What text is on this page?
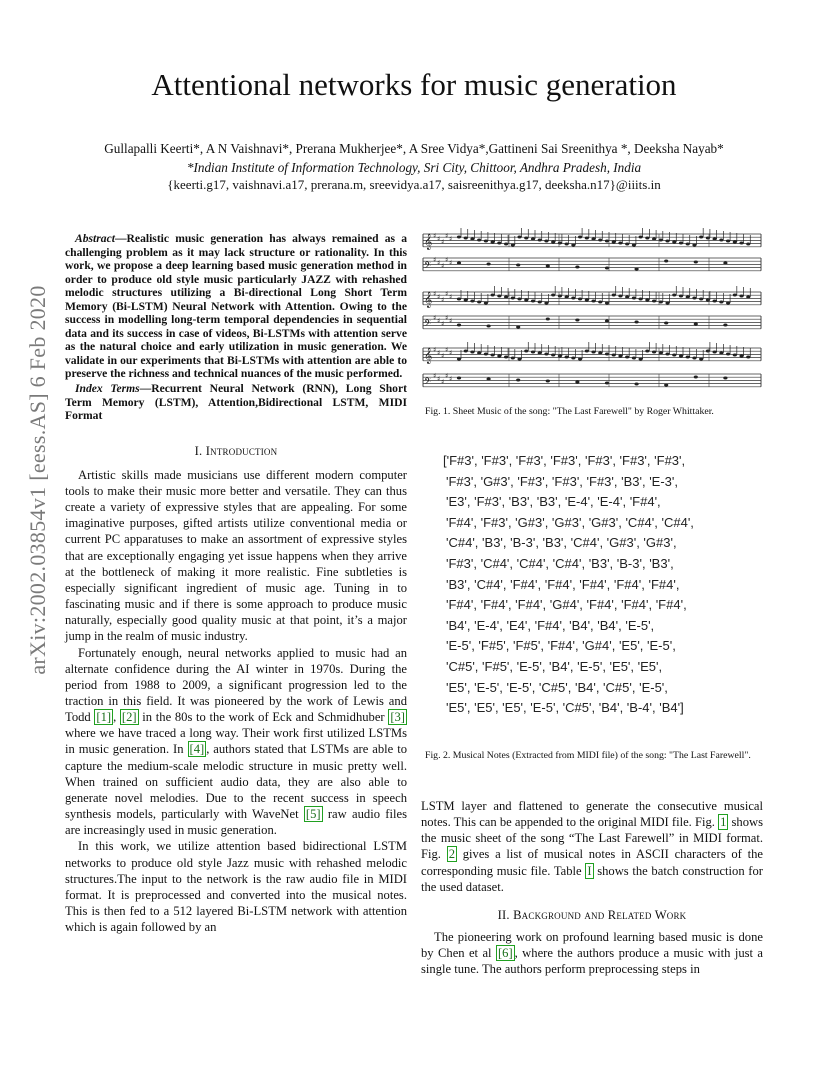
arXiv:2002.03854v1 [eess.AS] 6 Feb 2020
Attentional networks for music generation
Gullapalli Keerti*, A N Vaishnavi*, Prerana Mukherjee*, A Sree Vidya*,Gattineni Sai Sreenithya *, Deeksha Nayab*
*Indian Institute of Information Technology, Sri City, Chittoor, Andhra Pradesh, India
{keerti.g17, vaishnavi.a17, prerana.m, sreevidya.a17, saisreenithya.g17, deeksha.n17}@iiits.in

Abstract—Realistic music generation has always remained as a challenging problem as it may lack structure or rationality. In this work, we propose a deep learning based music generation method in order to produce old style music particularly JAZZ with rehashed melodic structures utilizing a Bi-directional Long Short Term Memory (Bi-LSTM) Neural Network with Attention. Owing to the success in modelling long-term temporal dependencies in sequential data and its success in case of videos, Bi-LSTMs with attention serve as the natural choice and early utilization in music generation. We validate in our experiments that Bi-LSTMs with attention are able to preserve the richness and technical nuances of the music performed.

Index Terms—Recurrent Neural Network (RNN), Long Short Term Memory (LSTM), Attention,Bidirectional LSTM, MIDI Format

I. Introduction

Artistic skills made musicians use different modern computer tools to make their music more better and versatile. They can thus create a variety of expressive styles that are appealing. For some imaginative purposes, gifted artists utilize conventional media or current PC apparatuses to make an assortment of expressive styles that are exceptionally engaging yet issue happens when they arrive at the bottleneck of making it more realistic. Fine subtleties is especially significant ingredient of music age. Tuning in to fascinating music and if there is some approach to produce music naturally, especially good quality music at that point, it’s a major jump in the realm of music industry.

Fortunately enough, neural networks applied to music had an alternate confidence during the AI winter in 1970s. During the period from 1988 to 2009, a significant progression led to the traction in this field. It was pioneered by the work of Lewis and Todd [1] , [2] in the 80s to the work of Eck and Schmidhuber [3] where we have traced a long way. Their work first utilized LSTMs in music generation. In [4] , authors stated that LSTMs are able to capture the medium-scale melodic structure in music pretty well. When trained on sufficient audio data, they are also able to generate novel melodies. Due to the recent success in speech synthesis models, particularly with WaveNet [5] raw audio files are increasingly used in music generation.

In this work, we utilize attention based bidirectional LSTM networks to produce old style Jazz music with rehashed melodic structures.The input to the network is the raw audio file in MIDI format. It is preprocessed and converted into the musical notes. This is then fed to a 512 layered Bi-LSTM network with attention which is again followed by an

♯ ♯ ♯
♯ ♯
𝄞
♯ ♯ ♯
♯ ♯
𝄢
♯ ♯ ♯
♯ ♯
𝄞
♯ ♯ ♯
♯ ♯
𝄢
♯ ♯ ♯
♯ ♯
𝄞
♯ ♯ ♯
♯ ♯
𝄢
Fig. 1. Sheet Music of the song: "The Last Farewell" by Roger Whittaker.
['F#3', 'F#3', 'F#3', 'F#3', 'F#3', 'F#3', 'F#3',
'F#3', 'G#3', 'F#3', 'F#3', 'F#3', 'B3', 'E-3',
'E3', 'F#3', 'B3', 'B3', 'E-4', 'E-4', 'F#4',
'F#4', 'F#3', 'G#3', 'G#3', 'G#3', 'C#4', 'C#4',
'C#4', 'B3', 'B-3', 'B3', 'C#4', 'G#3', 'G#3',
'F#3', 'C#4', 'C#4', 'C#4', 'B3', 'B-3', 'B3',
'B3', 'C#4', 'F#4', 'F#4', 'F#4', 'F#4', 'F#4',
'F#4', 'F#4', 'F#4', 'G#4', 'F#4', 'F#4', 'F#4',
'B4', 'E-4', 'E4', 'F#4', 'B4', 'B4', 'E-5',
'E-5', 'F#5', 'F#5', 'F#4', 'G#4', 'E5', 'E-5',
'C#5', 'F#5', 'E-5', 'B4', 'E-5', 'E5', 'E5',
'E5', 'E-5', 'E-5', 'C#5', 'B4', 'C#5', 'E-5',
'E5', 'E5', 'E5', 'E-5', 'C#5', 'B4', 'B-4', 'B4']
Fig. 2. Musical Notes (Extracted from MIDI file) of the song: "The Last Farewell".

LSTM layer and flattened to generate the consecutive musical notes. This can be appended to the original MIDI file. Fig. 1 shows the music sheet of the song “The Last Farewell” in MIDI format. Fig. 2 gives a list of musical notes in ASCII characters of the corresponding music file. Table I shows the batch construction for the used dataset.

II. Background and Related Work

The pioneering work on profound learning based music is done by Chen et al [6] , where the authors produce a music with just a single tune. The authors perform preprocessing steps in
